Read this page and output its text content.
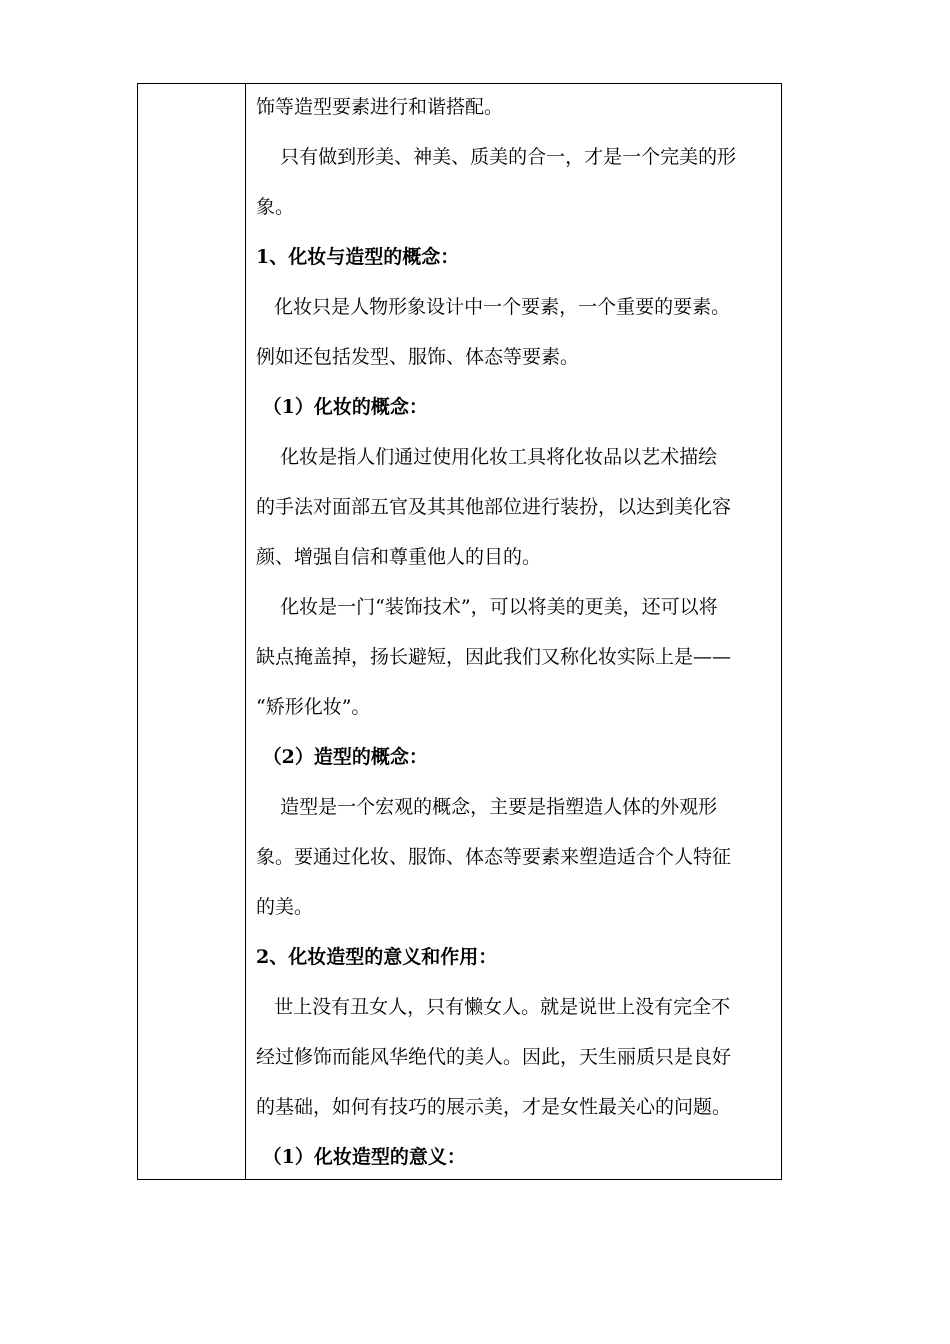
饰等造型要素进行和谐搭配。
只有做到形美、神美、质美的合一，才是一个完美的形
象。
1、化妆与造型的概念：
化妆只是人物形象设计中一个要素，一个重要的要素。
例如还包括发型、服饰、体态等要素。
（1）化妆的概念：
化妆是指人们通过使用化妆工具将化妆品以艺术描绘
的手法对面部五官及其其他部位进行装扮，以达到美化容
颜、增强自信和尊重他人的目的。
化妆是一门“装饰技术”，可以将美的更美，还可以将
缺点掩盖掉，扬长避短，因此我们又称化妆实际上是——
“矫形化妆”。
（2）造型的概念：
造型是一个宏观的概念，主要是指塑造人体的外观形
象。要通过化妆、服饰、体态等要素来塑造适合个人特征
的美。
2、化妆造型的意义和作用：
世上没有丑女人，只有懒女人。就是说世上没有完全不
经过修饰而能风华绝代的美人。因此，天生丽质只是良好
的基础，如何有技巧的展示美，才是女性最关心的问题。
（1）化妆造型的意义：
